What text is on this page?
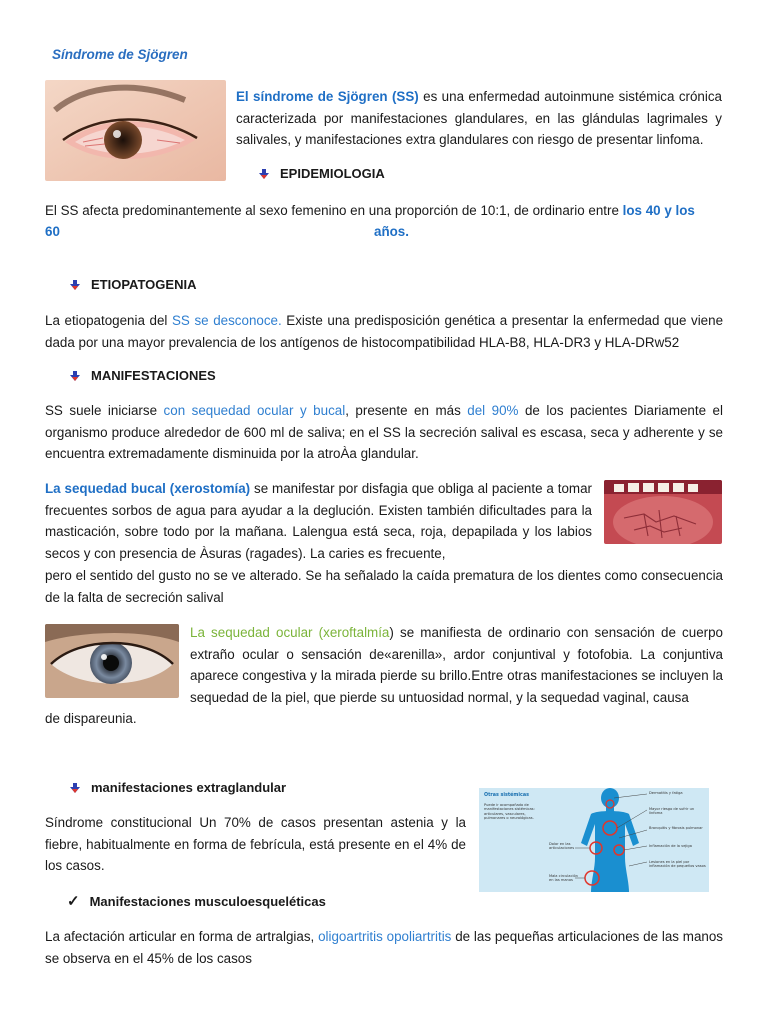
Síndrome de Sjögren
El síndrome de Sjögren (SS) es una enfermedad autoinmune sistémica crónica caracterizada por manifestaciones glandulares, en las glándulas lagrimales y salivales, y manifestaciones extra glandulares con riesgo de presentar linfoma.
EPIDEMIOLOGIA
El SS afecta predominantemente al sexo femenino en una proporción de 10:1, de ordinario entre los 40 y los
60	años.
ETIOPATOGENIA
La etiopatogenia del SS se desconoce. Existe una predisposición genética a presentar la enfermedad que viene dada por una mayor prevalencia de los antígenos de histocompatibilidad HLA-B8, HLA-DR3 y HLA-DRw52
MANIFESTACIONES
SS suele iniciarse con sequedad ocular y bucal, presente en más del 90% de los pacientes Diariamente el organismo produce alrededor de 600 ml de saliva; en el SS la secreción salival es escasa, seca y adherente y se encuentra extremadamente disminuida por la atroÀa glandular.
La sequedad bucal (xerostomía) se manifestar por disfagia que obliga al paciente a tomar frecuentes sorbos de agua para ayudar a la deglución. Existen también dificultades para la masticación, sobre todo por la mañana. Lalengua está seca, roja, depapilada y los labios secos y con presencia de Àsuras (ragades). La caries es frecuente,
pero el sentido del gusto no se ve alterado. Se ha señalado la caída prematura de los dientes como consecuencia de la falta de secreción salival
La sequedad ocular (xeroftalmía) se manifiesta de ordinario con sensación de cuerpo extraño ocular o sensación de«arenilla», ardor conjuntival y fotofobia. La conjuntiva aparece congestiva y la mirada pierde su brillo.Entre otras manifestaciones se incluyen la sequedad de la piel, que pierde su untuosidad normal, y la sequedad vaginal, causa
de dispareunia.
manifestaciones extraglandular
Síndrome constitucional Un 70% de casos presentan astenia y la fiebre, habitualmente en forma de febrícula, está presente en el 4% de los casos.
Otras sistémicas
Puede ir acompañado de manifestaciones sistémicas: articulares, vasculares, pulmonares o neurológicas.
Dermatitis y fatiga
Mayor riesgo de sufrir un linfoma
Bronquitis y fibrosis pulmonar
Inflamación de la vejiga
Lesiones en la piel por inflamación de pequeños vasos
Dolor en las articulaciones
Mala circulación en las manos
✓ Manifestaciones musculoesqueléticas
La afectación articular en forma de artralgias, oligoartritis opoliartritis de las pequeñas articulaciones de las manos se observa en el 45% de los casos
